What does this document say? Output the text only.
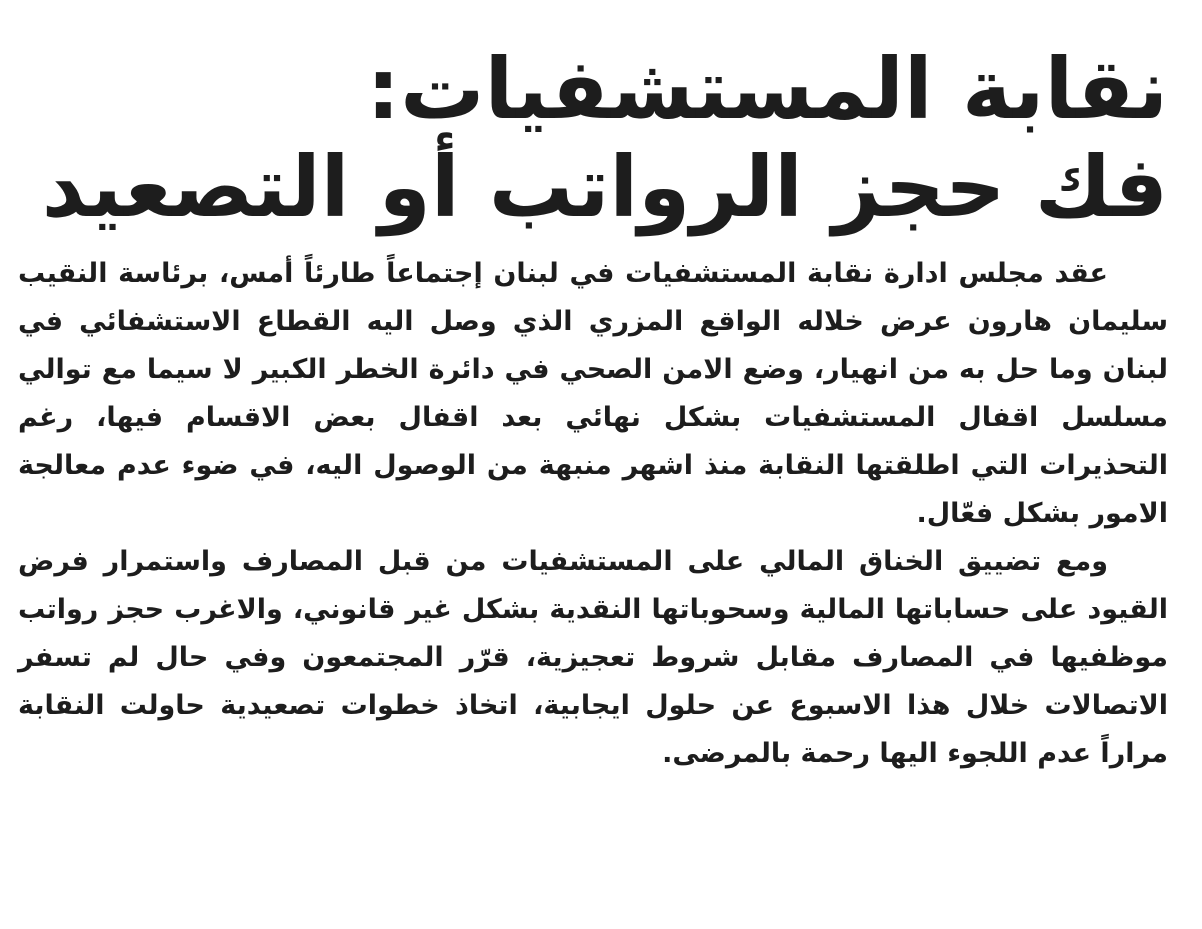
نقابة المستشفيات:
فك حجز الرواتب أو التصعيد

عقد مجلس ادارة نقابة المستشفيات في لبنان إجتماعاً طارئاً أمس، برئاسة النقيب سليمان هارون عرض خلاله الواقع المزري الذي وصل اليه القطاع الاستشفائي في لبنان وما حل به من انهيار، وضع الامن الصحي في دائرة الخطر الكبير لا سيما مع توالي مسلسل اقفال المستشفيات بشكل نهائي بعد اقفال بعض الاقسام فيها، رغم التحذيرات التي اطلقتها النقابة منذ اشهر منبهة من الوصول اليه، في ضوء عدم معالجة الامور بشكل فعّال.

ومع تضييق الخناق المالي على المستشفيات من قبل المصارف واستمرار فرض القيود على حساباتها المالية وسحوباتها النقدية بشكل غير قانوني، والاغرب حجز رواتب موظفيها في المصارف مقابل شروط تعجيزية، قرّر المجتمعون وفي حال لم تسفر الاتصالات خلال هذا الاسبوع عن حلول ايجابية، اتخاذ خطوات تصعيدية حاولت النقابة مراراً عدم اللجوء اليها رحمة بالمرضى.
